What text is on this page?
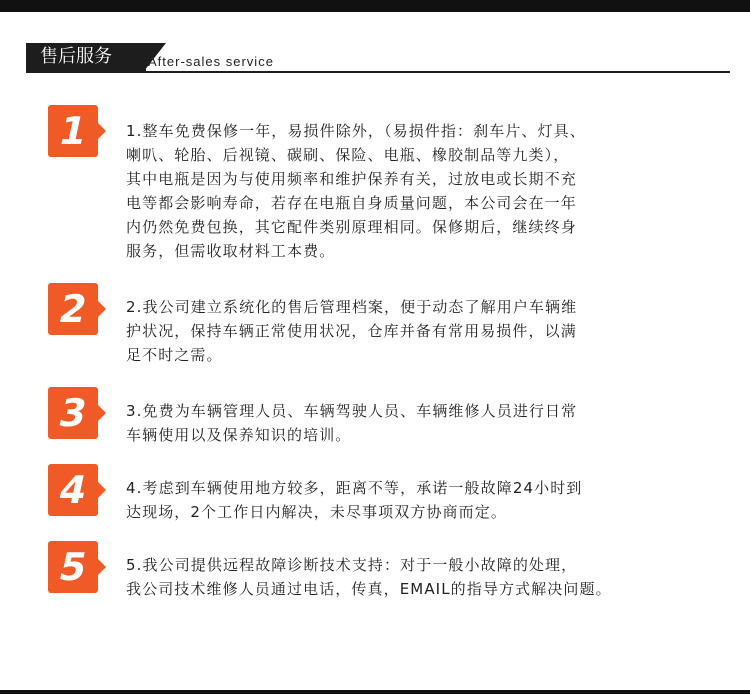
售后服务	After-sales service
1	1.整车免费保修一年，易损件除外，（易损件指：刹车片、灯具、
喇叭、轮胎、后视镜、碳刷、保险、电瓶、橡胶制品等九类），
其中电瓶是因为与使用频率和维护保养有关，过放电或长期不充
电等都会影响寿命，若存在电瓶自身质量问题，本公司会在一年
内仍然免费包换，其它配件类别原理相同。保修期后，继续终身
服务，但需收取材料工本费。
2	2.我公司建立系统化的售后管理档案，便于动态了解用户车辆维
护状况，保持车辆正常使用状况，仓库并备有常用易损件，以满
足不时之需。
3	3.免费为车辆管理人员、车辆驾驶人员、车辆维修人员进行日常
车辆使用以及保养知识的培训。
4	4.考虑到车辆使用地方较多，距离不等，承诺一般故障24小时到
达现场，2个工作日内解决，未尽事项双方协商而定。
5	5.我公司提供远程故障诊断技术支持：对于一般小故障的处理，
我公司技术维修人员通过电话，传真，EMAIL的指导方式解决问题。
